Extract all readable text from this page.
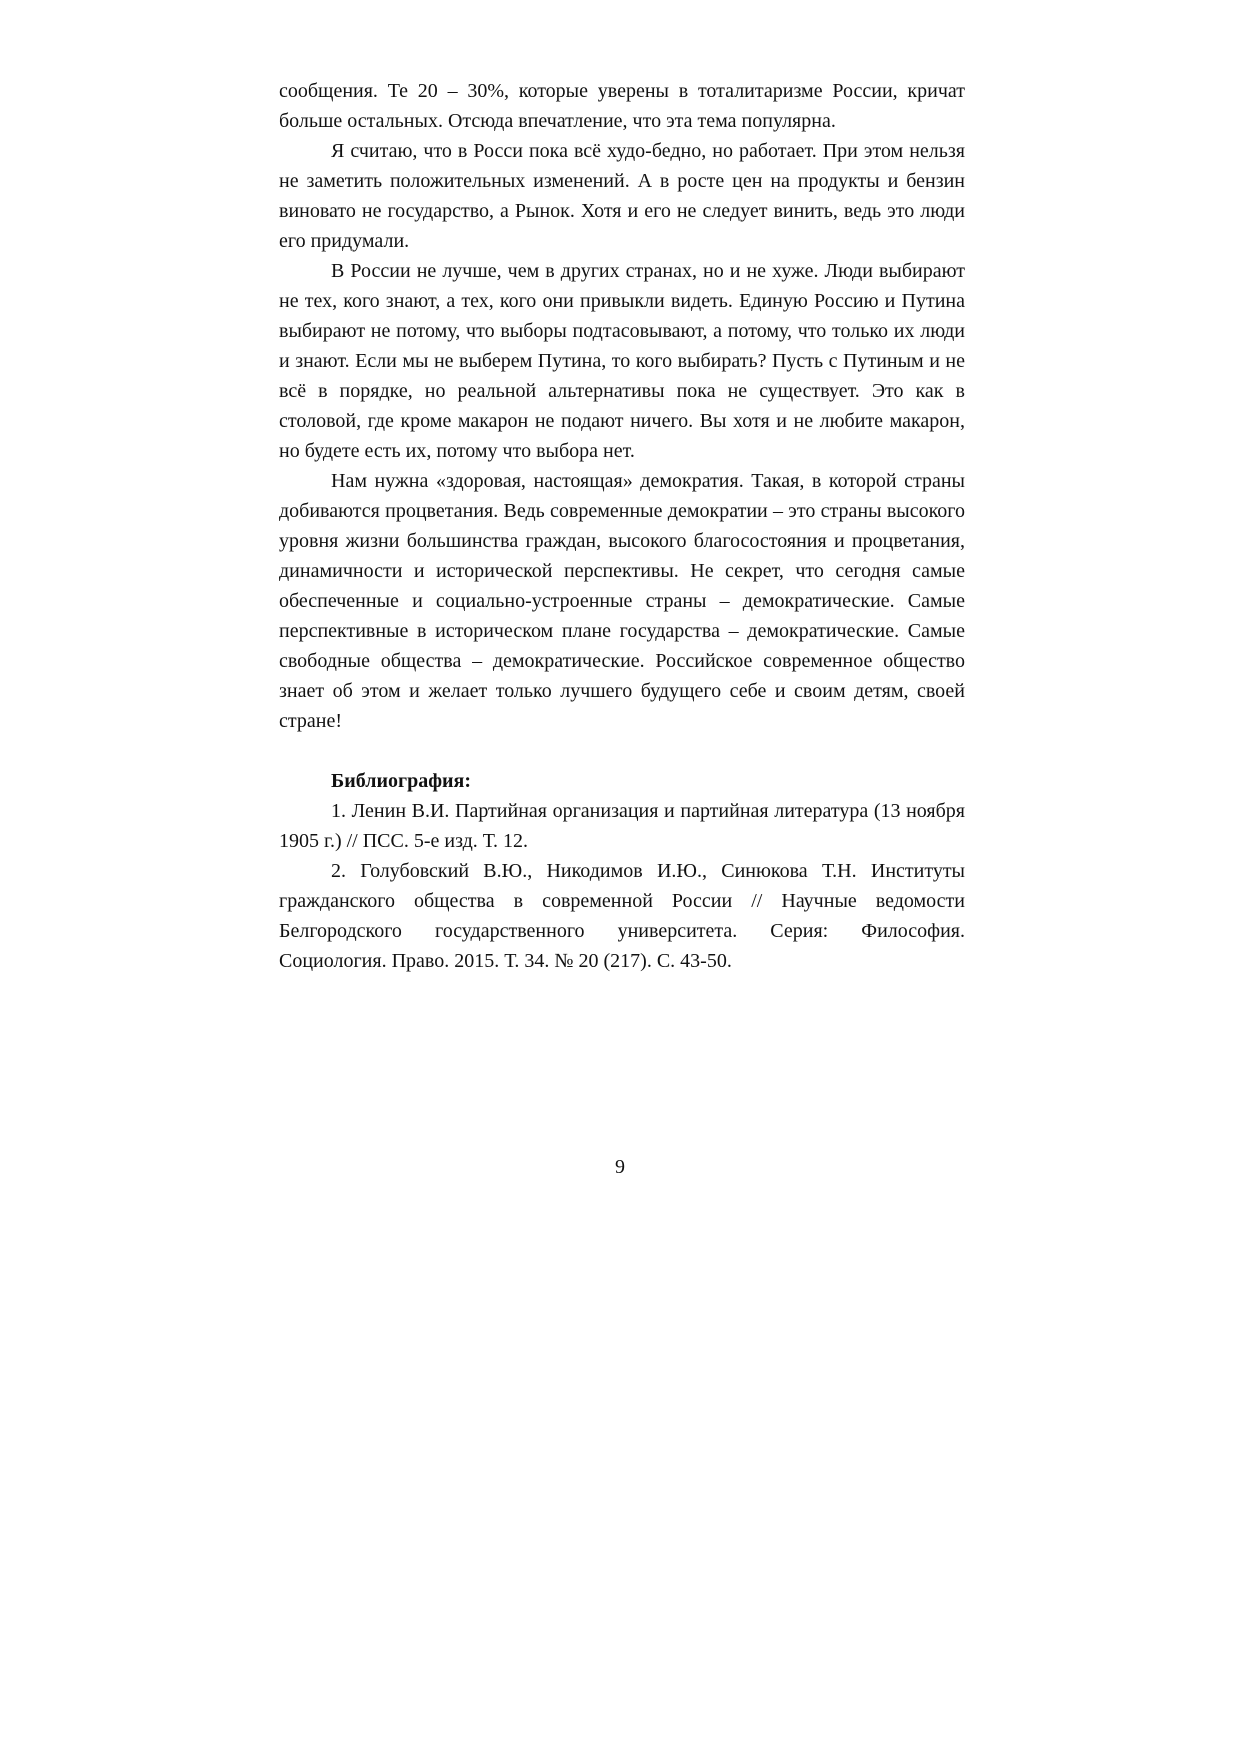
сообщения. Те 20 – 30%, которые уверены в тоталитаризме России, кричат больше остальных. Отсюда впечатление, что эта тема популярна.

Я считаю, что в Росси пока всё худо-бедно, но работает. При этом нельзя не заметить положительных изменений. А в росте цен на продукты и бензин виновато не государство, а Рынок. Хотя и его не следует винить, ведь это люди его придумали.

В России не лучше, чем в других странах, но и не хуже. Люди выбирают не тех, кого знают, а тех, кого они привыкли видеть. Единую Россию и Путина выбирают не потому, что выборы подтасовывают, а потому, что только их люди и знают. Если мы не выберем Путина, то кого выбирать? Пусть с Путиным и не всё в порядке, но реальной альтернативы пока не существует. Это как в столовой, где кроме макарон не подают ничего. Вы хотя и не любите макарон, но будете есть их, потому что выбора нет.

Нам нужна «здоровая, настоящая» демократия. Такая, в которой страны добиваются процветания. Ведь современные демократии – это страны высокого уровня жизни большинства граждан, высокого благосостояния и процветания, динамичности и исторической перспективы. Не секрет, что сегодня самые обеспеченные и социально-устроенные страны – демократические. Самые перспективные в историческом плане государства – демократические. Самые свободные общества – демократические. Российское современное общество знает об этом и желает только лучшего будущего себе и своим детям, своей стране!

Библиография:
1. Ленин В.И. Партийная организация и партийная литература (13 ноября 1905 г.) // ПСС. 5-е изд. Т. 12.
2. Голубовский В.Ю., Никодимов И.Ю., Синюкова Т.Н. Институты гражданского общества в современной России // Научные ведомости Белгородского государственного университета. Серия: Философия. Социология. Право. 2015. Т. 34. № 20 (217). С. 43-50.
9
